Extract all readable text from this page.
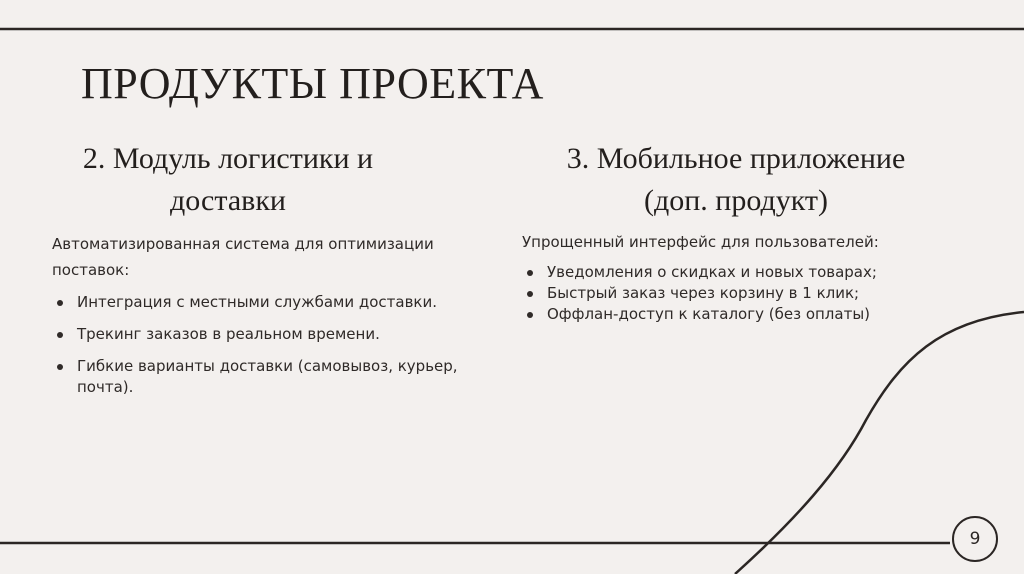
ПРОДУКТЫ ПРОЕКТА
2. Модуль логистики и
доставки

Автоматизированная система для оптимизации поставок:

Интеграция с местными службами доставки.
Трекинг заказов в реальном времени.
Гибкие варианты доставки (самовывоз, курьер, почта).
3. Мобильное приложение
(доп. продукт)

Упрощенный интерфейс для пользователей:

Уведомления о скидках и новых товарах;
Быстрый заказ через корзину в 1 клик;
Оффлан-доступ к каталогу (без оплаты)
9
